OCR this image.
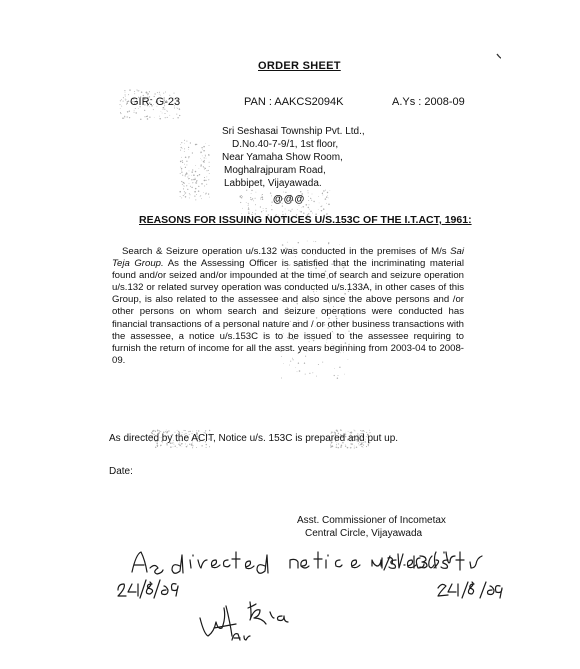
ORDER SHEET
GIR: G-23	PAN : AAKCS2094K	A.Ys : 2008-09
Sri Seshasai Township Pvt. Ltd.,
D.No.40-7-9/1, 1st floor,
Near Yamaha Show Room,
Moghalrajpuram Road,
Labbipet, Vijayawada.
@@@
REASONS FOR ISSUING NOTICES U/S.153C OF THE I.T.ACT, 1961:

Search & Seizure operation u/s.132 was conducted in the premises of M/s Sai Teja Group. As the Assessing Officer is satisfied that the incriminating material found and/or seized and/or impounded at the time of search and seizure operation u/s.132 or related survey operation was conducted u/s.133A, in other cases of this Group, is also related to the assessee and also since the above persons and /or other persons on whom search and seizure operations were conducted has financial transactions of a personal nature and / or other business transactions with the assessee, a notice u/s.153C is to be issued to the assessee requiring to furnish the return of income for all the asst. years beginning from 2003-04 to 2008-09.

As directed by the ACIT, Notice u/s. 153C is prepared and put up.
Date:
Asst. Commissioner of Incometax
Central Circle, Vijayawada
